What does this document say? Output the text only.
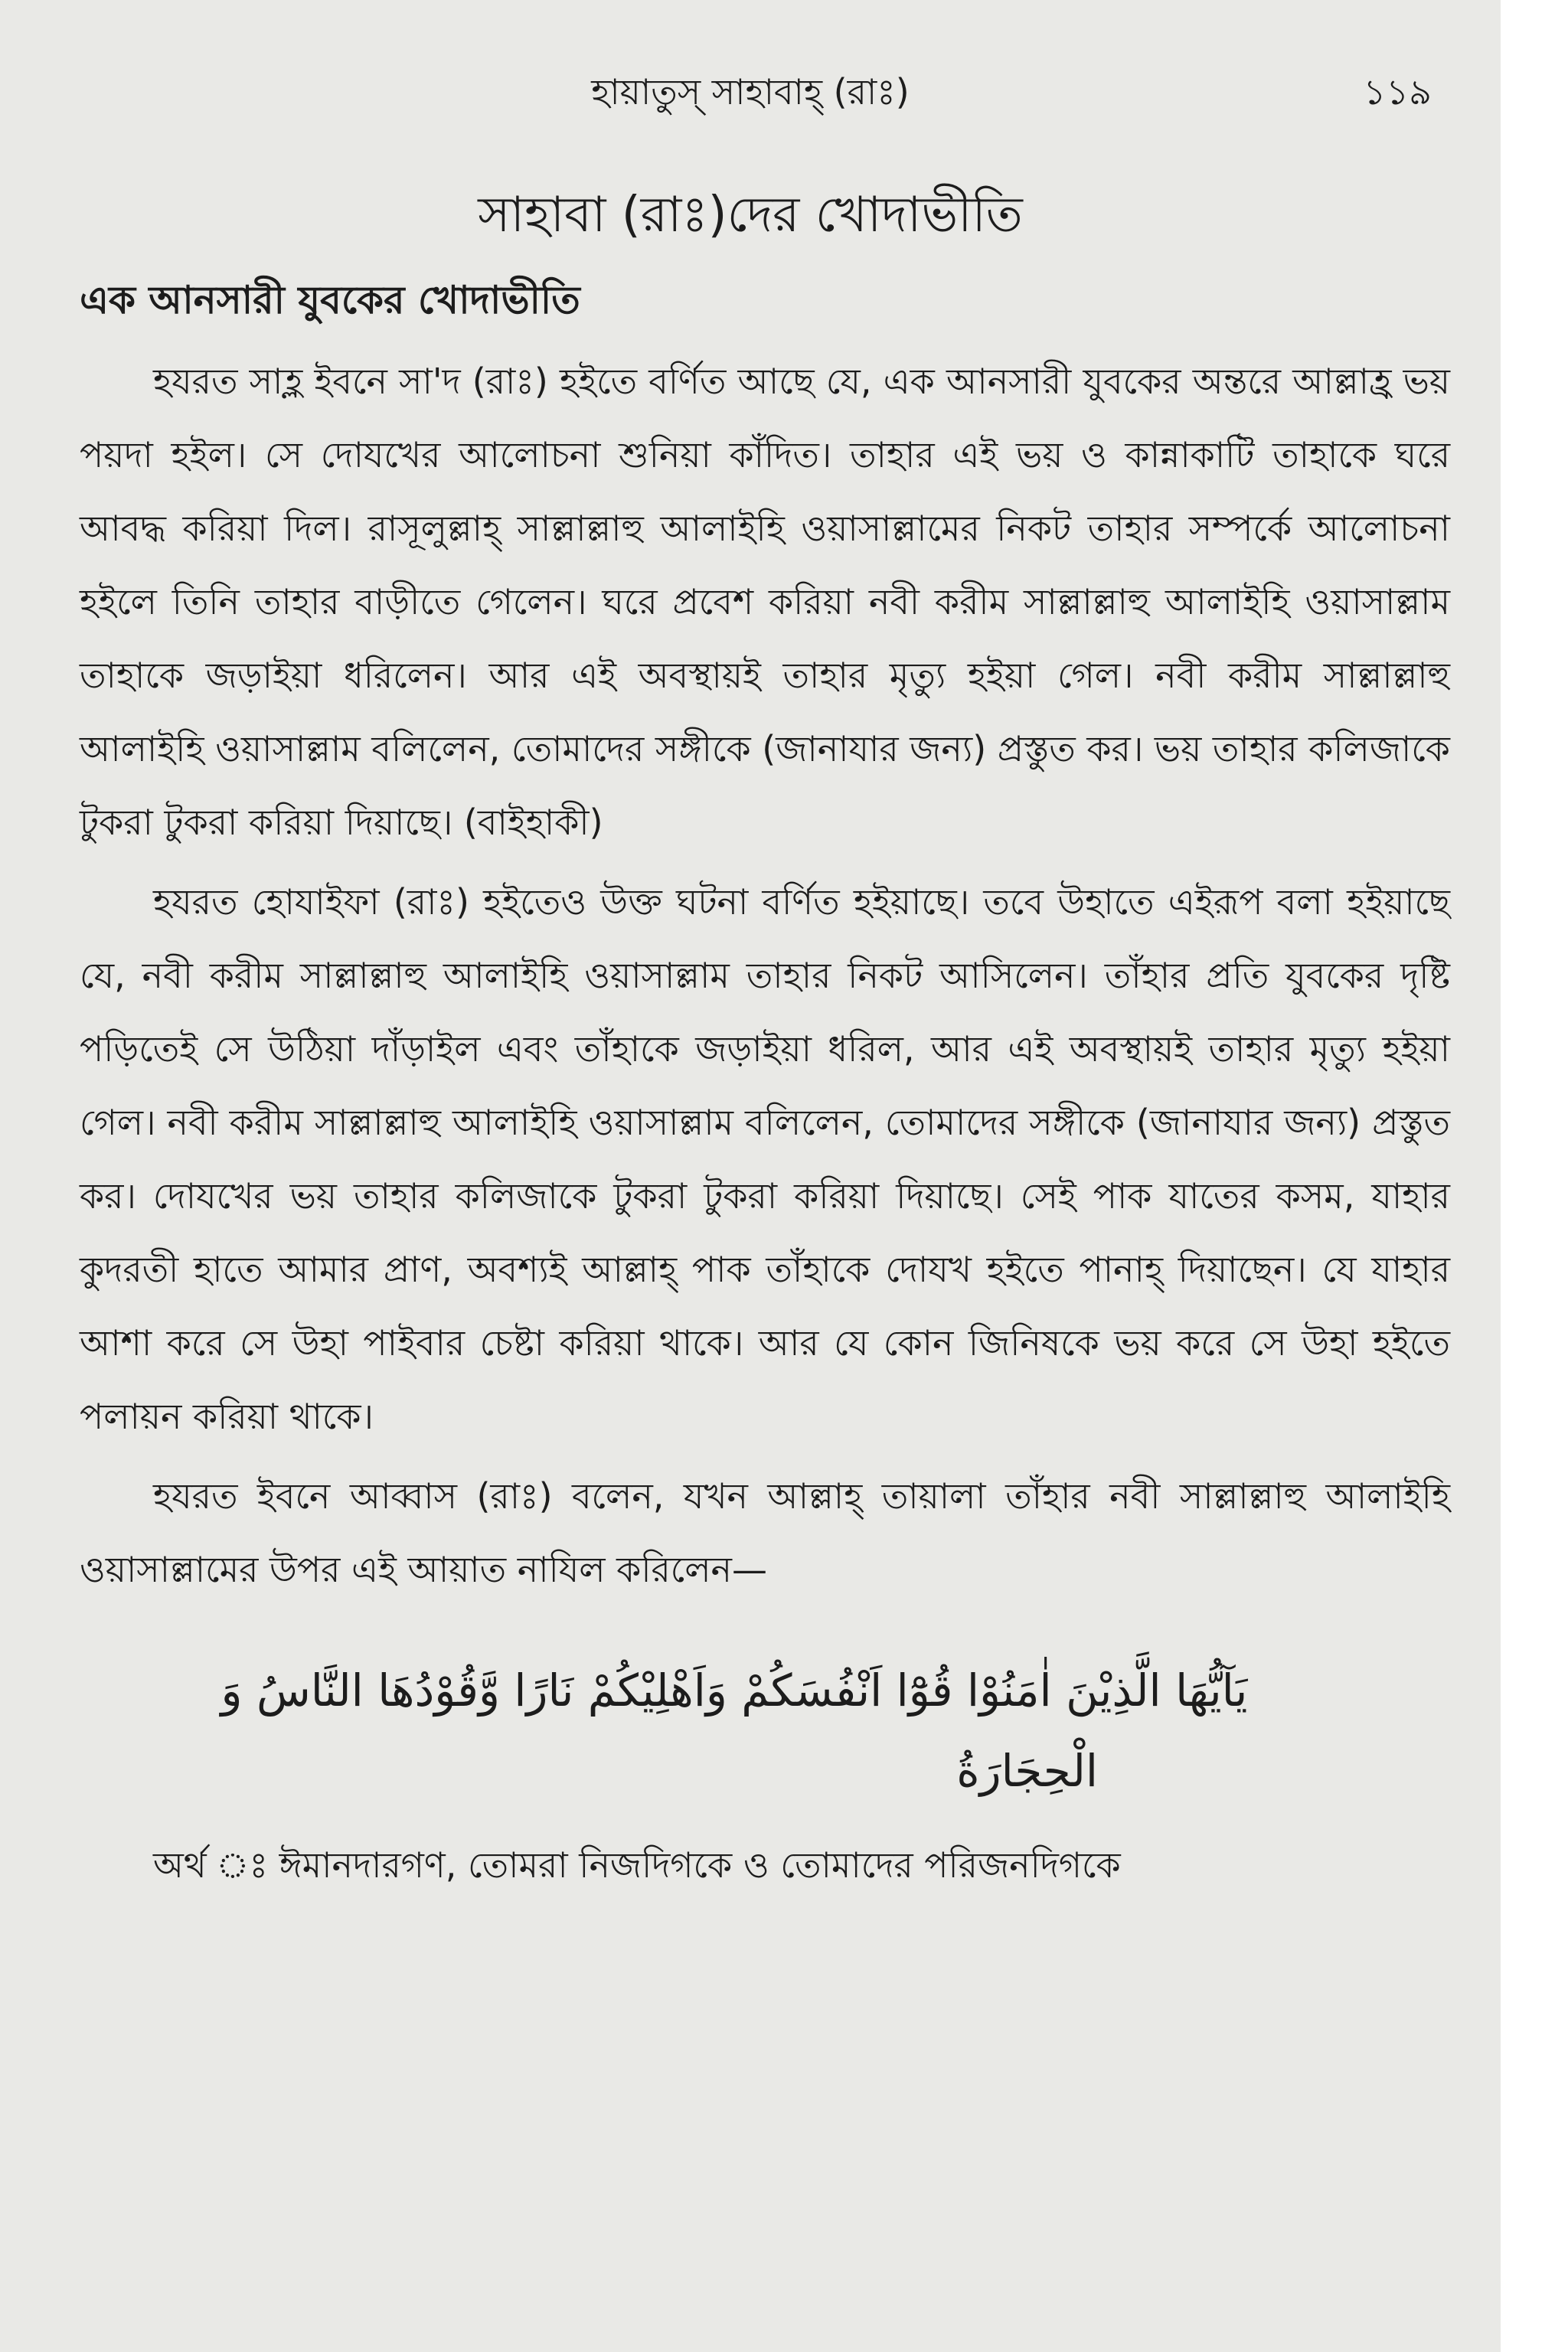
হায়াতুস্ সাহাবাহ্ (রাঃ)	১১৯
সাহাবা (রাঃ)দের খোদাভীতি
এক আনসারী যুবকের খোদাভীতি

হযরত সাহ্ল ইবনে সা'দ (রাঃ) হইতে বর্ণিত আছে যে, এক আনসারী যুবকের অন্তরে আল্লাহ্র ভয় পয়দা হইল। সে দোযখের আলোচনা শুনিয়া কাঁদিত। তাহার এই ভয় ও কান্নাকাটি তাহাকে ঘরে আবদ্ধ করিয়া দিল। রাসূলুল্লাহ্ সাল্লাল্লাহু আলাইহি ওয়াসাল্লামের নিকট তাহার সম্পর্কে আলোচনা হইলে তিনি তাহার বাড়ীতে গেলেন। ঘরে প্রবেশ করিয়া নবী করীম সাল্লাল্লাহু আলাইহি ওয়াসাল্লাম তাহাকে জড়াইয়া ধরিলেন। আর এই অবস্থায়ই তাহার মৃত্যু হইয়া গেল। নবী করীম সাল্লাল্লাহু আলাইহি ওয়াসাল্লাম বলিলেন, তোমাদের সঙ্গীকে (জানাযার জন্য) প্রস্তুত কর। ভয় তাহার কলিজাকে টুকরা টুকরা করিয়া দিয়াছে। (বাইহাকী)

হযরত হোযাইফা (রাঃ) হইতেও উক্ত ঘটনা বর্ণিত হইয়াছে। তবে উহাতে এইরূপ বলা হইয়াছে যে, নবী করীম সাল্লাল্লাহু আলাইহি ওয়াসাল্লাম তাহার নিকট আসিলেন। তাঁহার প্রতি যুবকের দৃষ্টি পড়িতেই সে উঠিয়া দাঁড়াইল এবং তাঁহাকে জড়াইয়া ধরিল, আর এই অবস্থায়ই তাহার মৃত্যু হইয়া গেল। নবী করীম সাল্লাল্লাহু আলাইহি ওয়াসাল্লাম বলিলেন, তোমাদের সঙ্গীকে (জানাযার জন্য) প্রস্তুত কর। দোযখের ভয় তাহার কলিজাকে টুকরা টুকরা করিয়া দিয়াছে। সেই পাক যাতের কসম, যাহার কুদরতী হাতে আমার প্রাণ, অবশ্যই আল্লাহ্ পাক তাঁহাকে দোযখ হইতে পানাহ্ দিয়াছেন। যে যাহার আশা করে সে উহা পাইবার চেষ্টা করিয়া থাকে। আর যে কোন জিনিষকে ভয় করে সে উহা হইতে পলায়ন করিয়া থাকে।

হযরত ইবনে আব্বাস (রাঃ) বলেন, যখন আল্লাহ্ তায়ালা তাঁহার নবী সাল্লাল্লাহু আলাইহি ওয়াসাল্লামের উপর এই আয়াত নাযিল করিলেন—

يَآيُّهَا الَّذِيْنَ اٰمَنُوْا قُوْٓا اَنْفُسَكُمْ وَاَهْلِيْكُمْ نَارًا وَّقُوْدُهَا النَّاسُ وَ
الْحِجَارَةُ

অর্থ ঃ ঈমানদারগণ, তোমরা নিজদিগকে ও তোমাদের পরিজনদিগকে
